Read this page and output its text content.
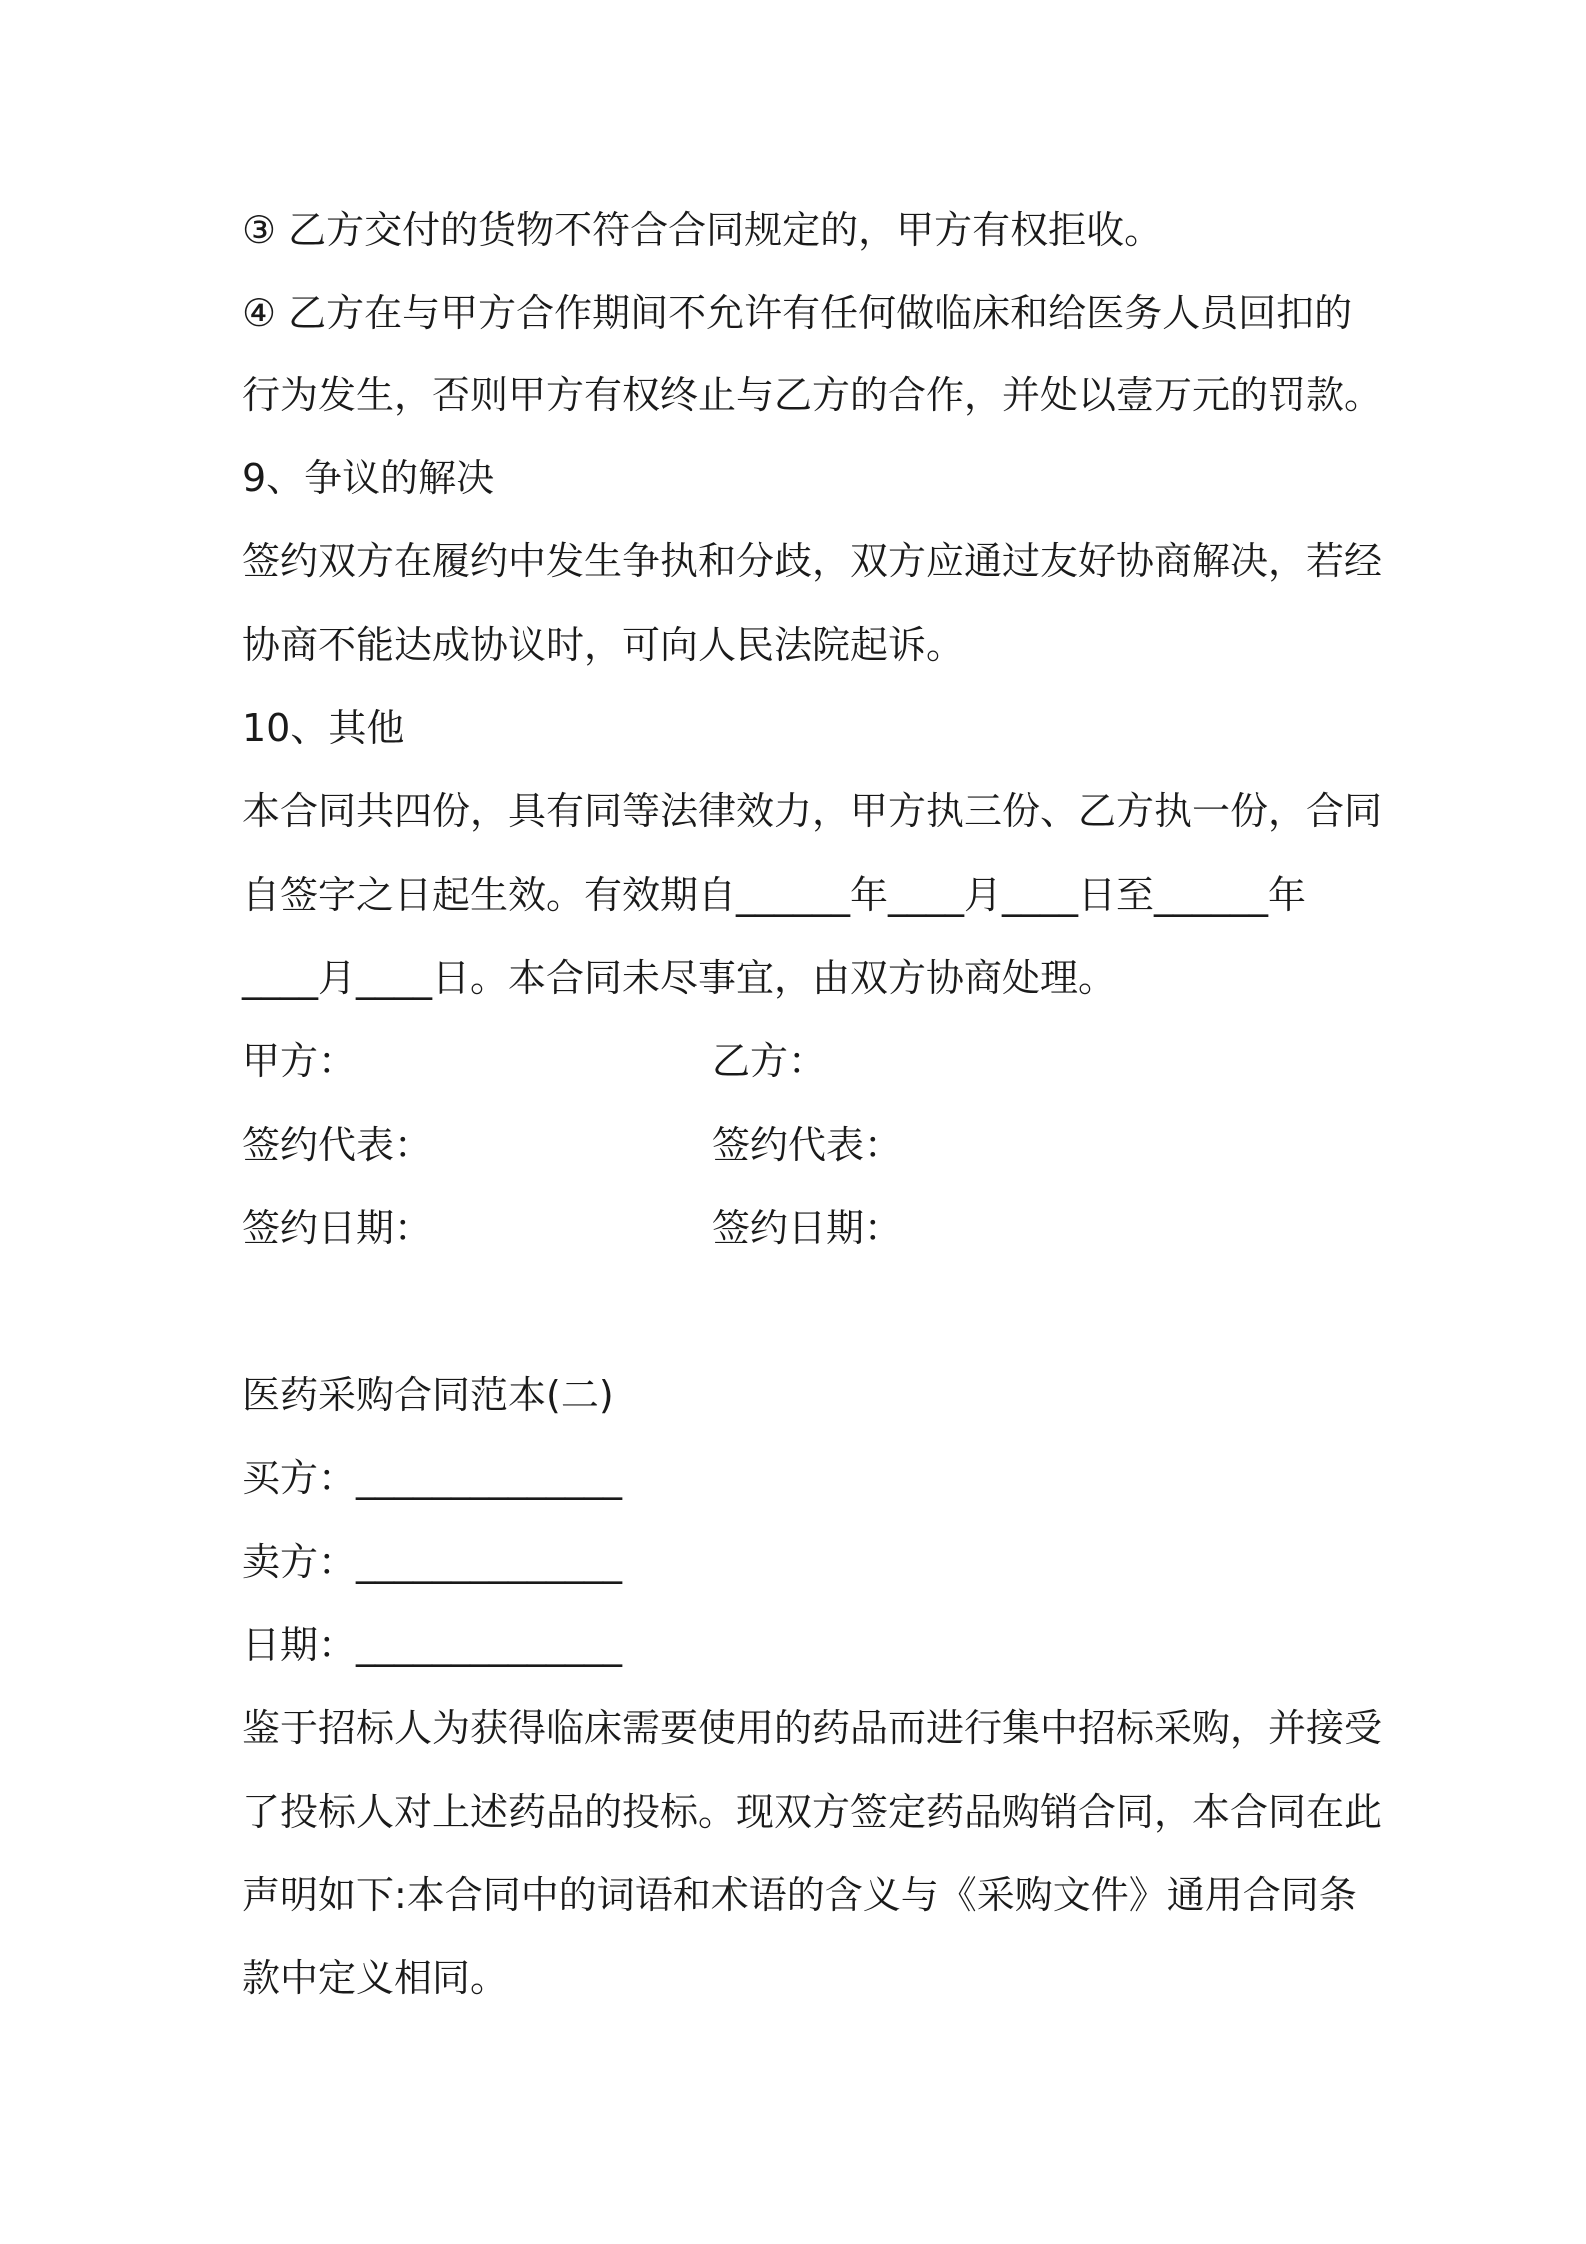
③ 乙方交付的货物不符合合同规定的，甲方有权拒收。
④ 乙方在与甲方合作期间不允许有任何做临床和给医务人员回扣的
行为发生，否则甲方有权终止与乙方的合作，并处以壹万元的罚款。
9、争议的解决
签约双方在履约中发生争执和分歧，双方应通过友好协商解决，若经
协商不能达成协议时，可向人民法院起诉。
10、其他
本合同共四份，具有同等法律效力，甲方执三份、乙方执一份，合同
自签字之日起生效。有效期自______年____月____日至______年
____月____日。本合同未尽事宜，由双方协商处理。
甲方：	乙方：
签约代表：	签约代表：
签约日期：	签约日期：
医药采购合同范本(二)
买方：______________
卖方：______________
日期：______________
鉴于招标人为获得临床需要使用的药品而进行集中招标采购，并接受
了投标人对上述药品的投标。现双方签定药品购销合同，本合同在此
声明如下:本合同中的词语和术语的含义与《采购文件》通用合同条
款中定义相同。
